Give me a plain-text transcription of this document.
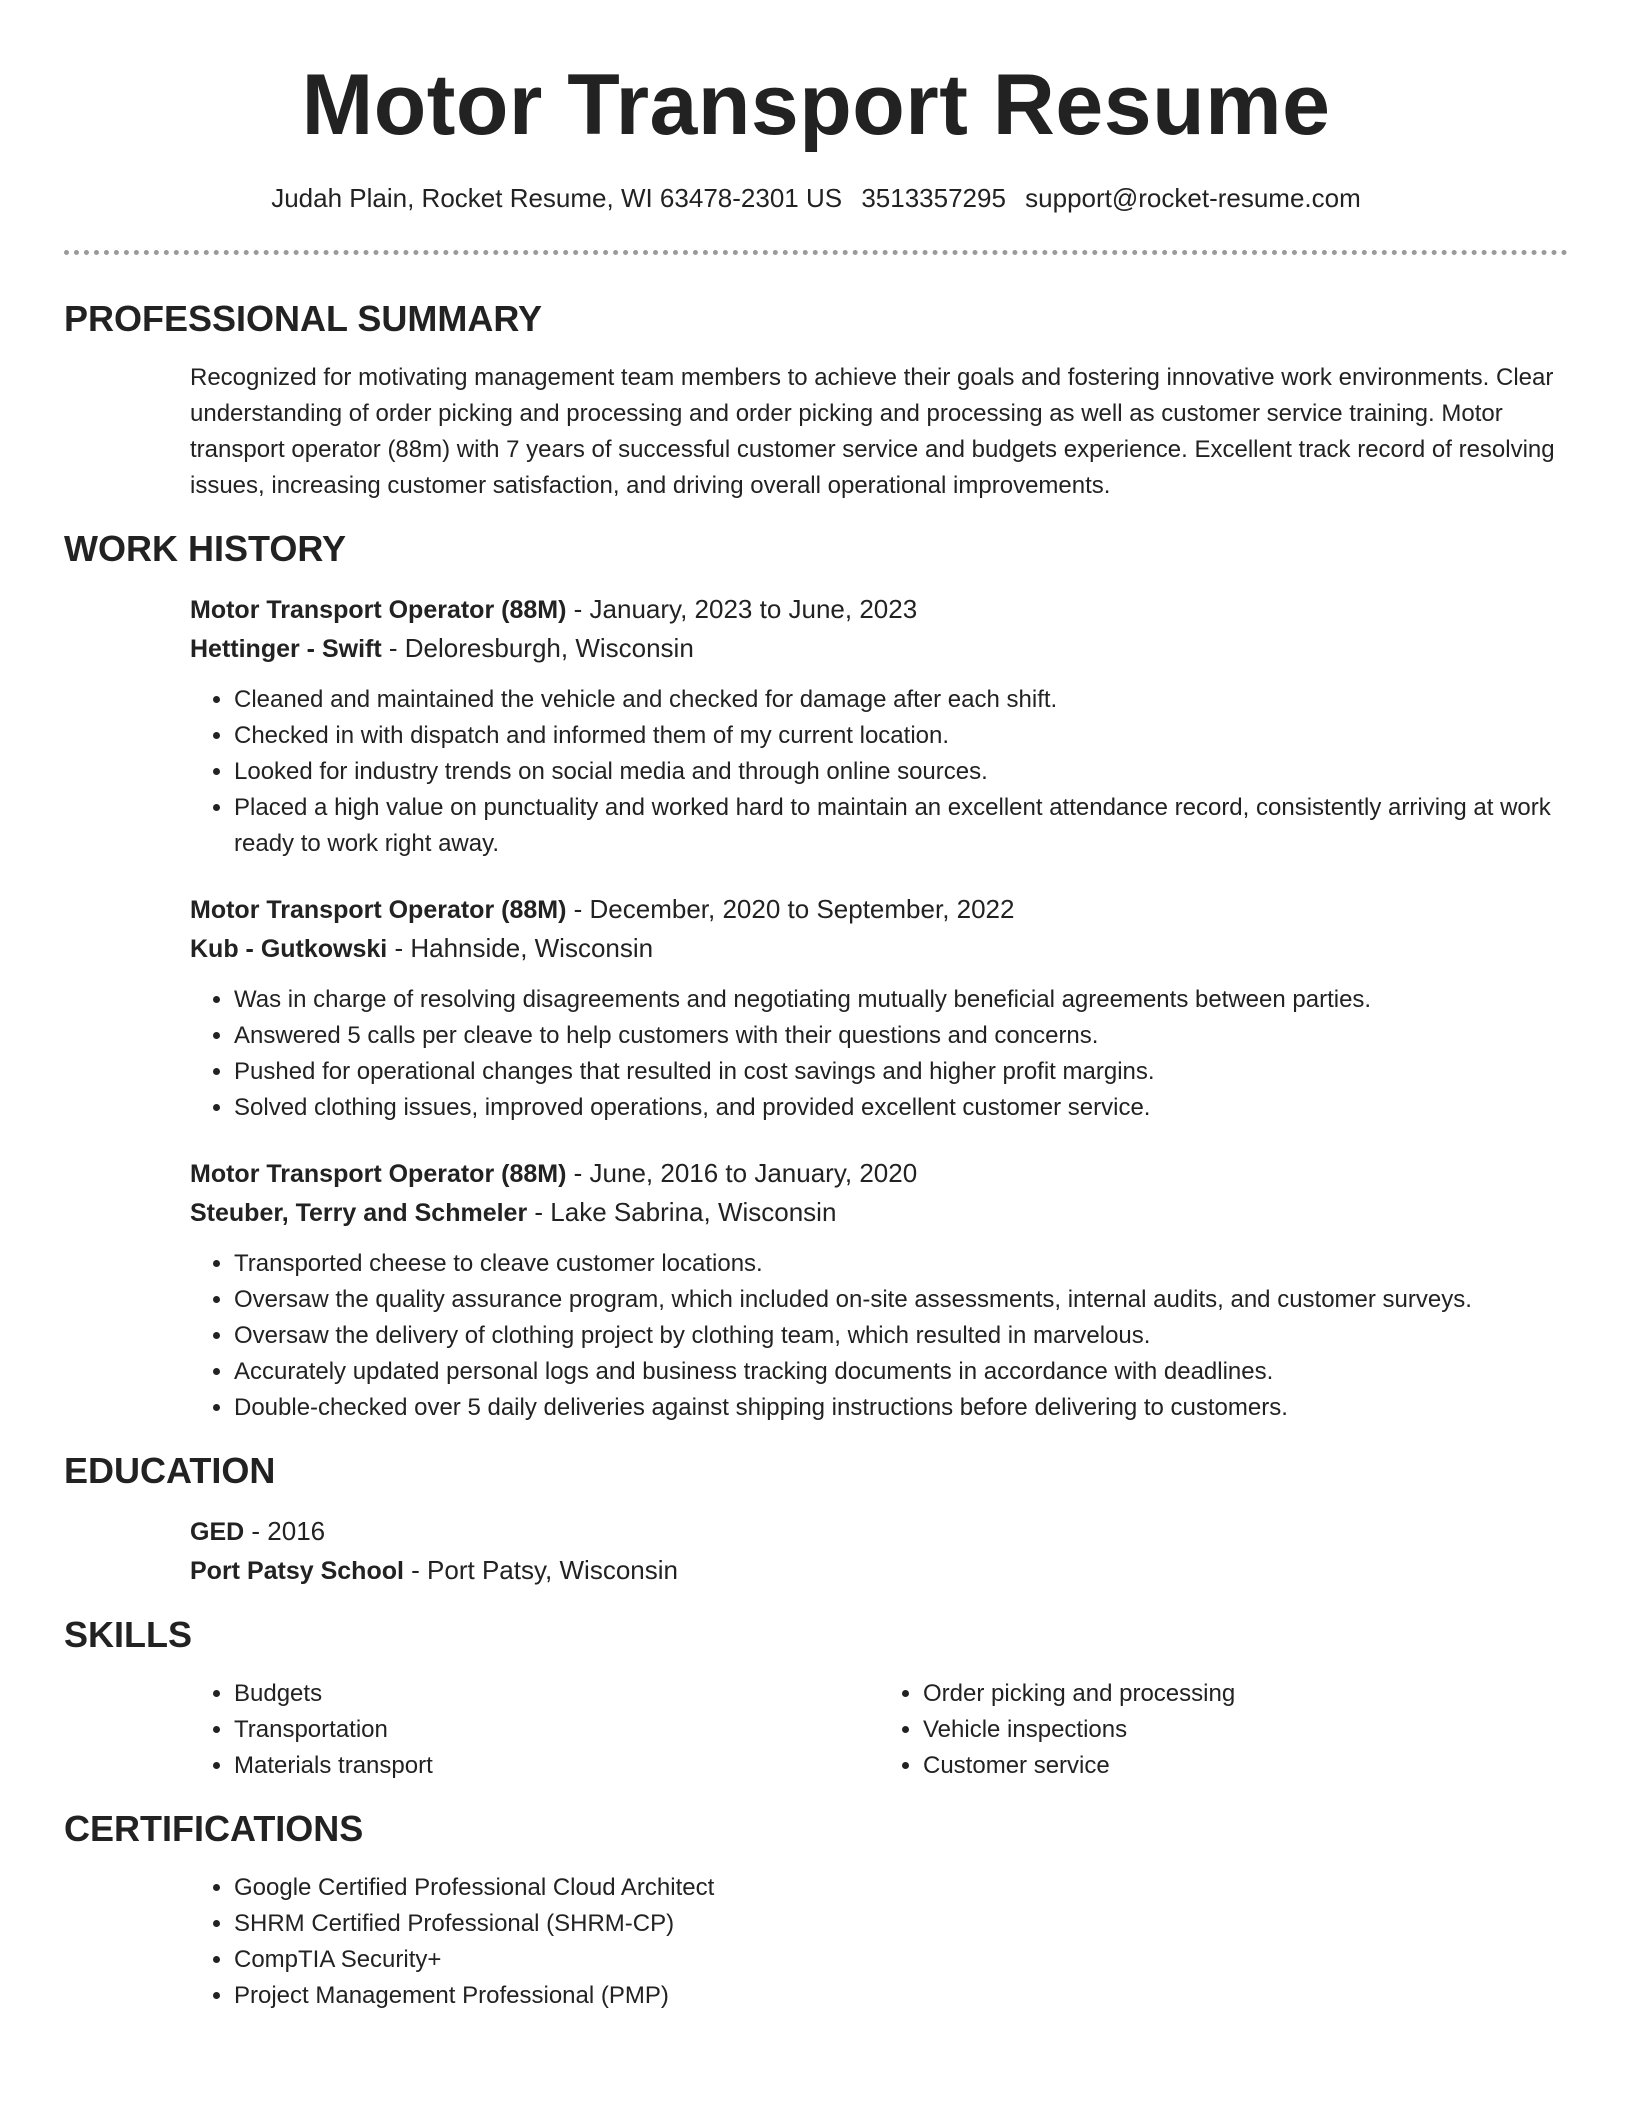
Motor Transport Resume
Judah Plain, Rocket Resume, WI 63478-2301 US 3513357295 support@rocket-resume.com
PROFESSIONAL SUMMARY

Recognized for motivating management team members to achieve their goals and fostering innovative work environments. Clear understanding of order picking and processing and order picking and processing as well as customer service training. Motor transport operator (88m) with 7 years of successful customer service and budgets experience. Excellent track record of resolving issues, increasing customer satisfaction, and driving overall operational improvements.

WORK HISTORY
Motor Transport Operator (88M) - January, 2023 to June, 2023
Hettinger - Swift - Deloresburgh, Wisconsin
• Cleaned and maintained the vehicle and checked for damage after each shift.
• Checked in with dispatch and informed them of my current location.
• Looked for industry trends on social media and through online sources.
• Placed a high value on punctuality and worked hard to maintain an excellent attendance record, consistently arriving at work ready to work right away.
Motor Transport Operator (88M) - December, 2020 to September, 2022
Kub - Gutkowski - Hahnside, Wisconsin
• Was in charge of resolving disagreements and negotiating mutually beneficial agreements between parties.
• Answered 5 calls per cleave to help customers with their questions and concerns.
• Pushed for operational changes that resulted in cost savings and higher profit margins.
• Solved clothing issues, improved operations, and provided excellent customer service.
Motor Transport Operator (88M) - June, 2016 to January, 2020
Steuber, Terry and Schmeler - Lake Sabrina, Wisconsin
• Transported cheese to cleave customer locations.
• Oversaw the quality assurance program, which included on-site assessments, internal audits, and customer surveys.
• Oversaw the delivery of clothing project by clothing team, which resulted in marvelous.
• Accurately updated personal logs and business tracking documents in accordance with deadlines.
• Double-checked over 5 daily deliveries against shipping instructions before delivering to customers.
EDUCATION
GED - 2016
Port Patsy School - Port Patsy, Wisconsin
SKILLS
• Budgets
• Transportation
• Materials transport
• Order picking and processing
• Vehicle inspections
• Customer service
CERTIFICATIONS
• Google Certified Professional Cloud Architect
• SHRM Certified Professional (SHRM-CP)
• CompTIA Security+
• Project Management Professional (PMP)
